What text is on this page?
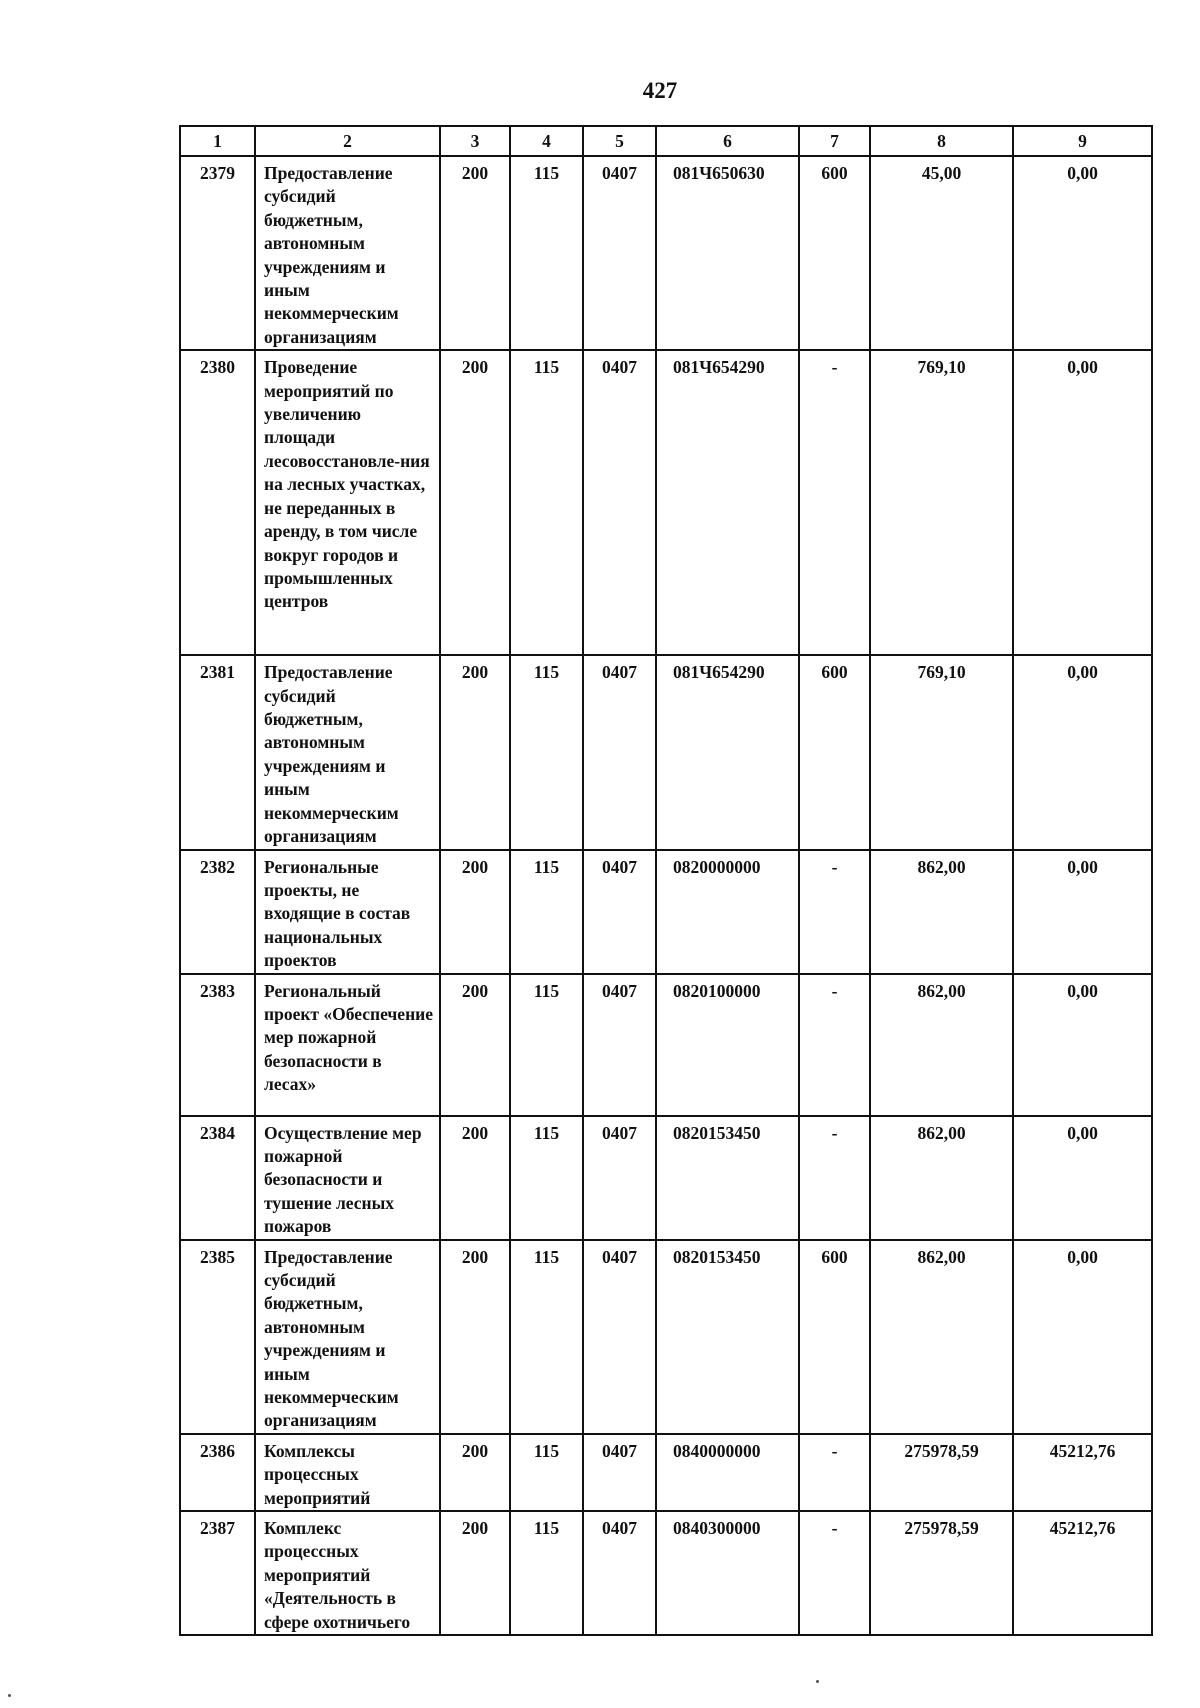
427
1	2	3	4	5	6	7	8	9
2379	Предоставление субсидий бюджетным, автономным учреждениям и иным некоммерческим организациям	200	115	0407	081Ч650630	600	45,00	0,00
2380	Проведение мероприятий по увеличению площади лесовосстановле-ния на лесных участках, не переданных в аренду, в том числе вокруг городов и промышленных центров	200	115	0407	081Ч654290	-	769,10	0,00
2381	Предоставление субсидий бюджетным, автономным учреждениям и иным некоммерческим организациям	200	115	0407	081Ч654290	600	769,10	0,00
2382	Региональные проекты, не входящие в состав национальных проектов	200	115	0407	0820000000	-	862,00	0,00
2383	Региональный проект «Обеспечение мер пожарной безопасности в лесах»	200	115	0407	0820100000	-	862,00	0,00
2384	Осуществление мер пожарной безопасности и тушение лесных пожаров	200	115	0407	0820153450	-	862,00	0,00
2385	Предоставление субсидий бюджетным, автономным учреждениям и иным некоммерческим организациям	200	115	0407	0820153450	600	862,00	0,00
2386	Комплексы процессных мероприятий	200	115	0407	0840000000	-	275978,59	45212,76
2387	Комплекс процессных мероприятий «Деятельность в сфере охотничьего	200	115	0407	0840300000	-	275978,59	45212,76
